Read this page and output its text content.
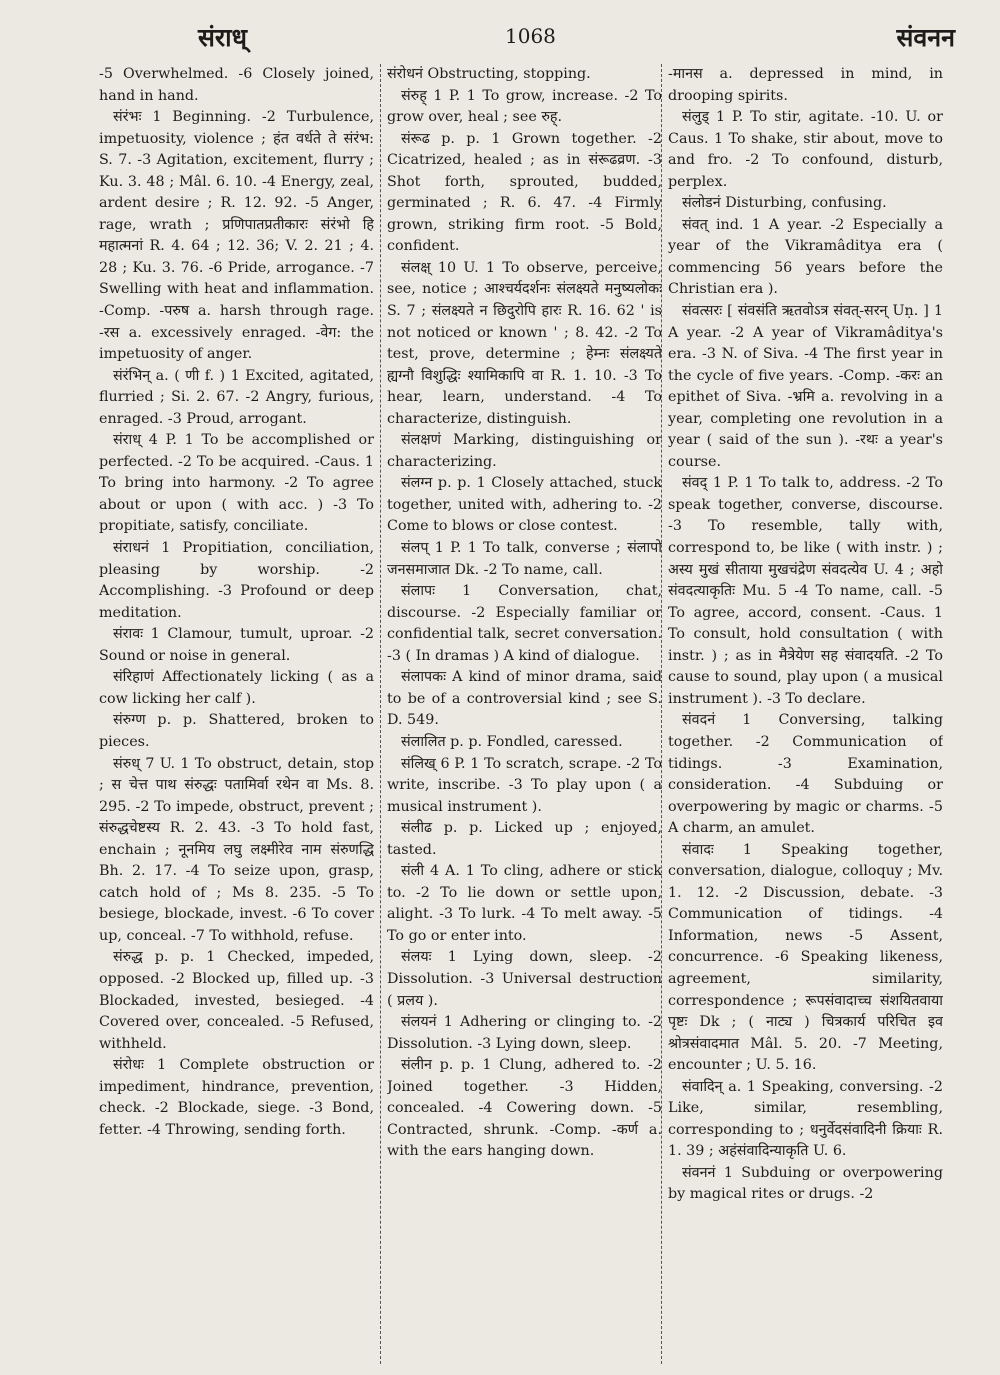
संराध्	1068	संवनन

-5 Overwhelmed. -6 Closely joined, hand in hand.

संरंभः 1 Beginning. -2 Turbulence, impetuosity, violence ; हंत वर्धते ते संरंभ: S. 7. -3 Agitation, excitement, flurry ; Ku. 3. 48 ; Mâl. 6. 10. -4 Energy, zeal, ardent desire ; R. 12. 92. -5 Anger, rage, wrath ; प्रणिपातप्रतीकारः संरंभो हि महात्मनां R. 4. 64 ; 12. 36; V. 2. 21 ; 4. 28 ; Ku. 3. 76. -6 Pride, arrogance. -7 Swelling with heat and inflammation. -Comp. -परुष a. harsh through rage. -रस a. excessively enraged. -वेग: the impetuosity of anger.

संरंभिन् a. ( णी f. ) 1 Excited, agitated, flurried ; Si. 2. 67. -2 Angry, furious, enraged. -3 Proud, arrogant.

संराध् 4 P. 1 To be accomplished or perfected. -2 To be acquired. -Caus. 1 To bring into harmony. -2 To agree about or upon ( with acc. ) -3 To propitiate, satisfy, conciliate.

संराधनं 1 Propitiation, conciliation, pleasing by worship. -2 Accomplishing. -3 Profound or deep meditation.

संरावः 1 Clamour, tumult, uproar. -2 Sound or noise in general.

संरिहाणं Affectionately licking ( as a cow licking her calf ).

संरुग्ण p. p. Shattered, broken to pieces.

संरुध् 7 U. 1 To obstruct, detain, stop ; स चेत्त पाथ संरुद्धः पतामिर्वा रथेन वा Ms. 8. 295. -2 To impede, obstruct, prevent ; संरुद्धचेष्टस्य R. 2. 43. -3 To hold fast, enchain ; नूनमिय लघु लक्ष्मीरेव नाम संरुणद्धि Bh. 2. 17. -4 To seize upon, grasp, catch hold of ; Ms 8. 235. -5 To besiege, blockade, invest. -6 To cover up, conceal. -7 To withhold, refuse.

संरुद्ध p. p. 1 Checked, impeded, opposed. -2 Blocked up, filled up. -3 Blockaded, invested, besieged. -4 Covered over, concealed. -5 Refused, withheld.

संरोधः 1 Complete obstruction or impediment, hindrance, prevention, check. -2 Blockade, siege. -3 Bond, fetter. -4 Throwing, sending forth.

संरोधनं Obstructing, stopping.

संरुह् 1 P. 1 To grow, increase. -2 To grow over, heal ; see रुह्.

संरूढ p. p. 1 Grown together. -2 Cicatrized, healed ; as in संरूढव्रण. -3 Shot forth, sprouted, budded, germinated ; R. 6. 47. -4 Firmly grown, striking firm root. -5 Bold, confident.

संलक्ष् 10 U. 1 To observe, perceive, see, notice ; आश्चर्यदर्शनः संलक्ष्यते मनुष्यलोकः S. 7 ; संलक्ष्यते न छिदुरोपि हारः R. 16. 62 ' is not noticed or known ' ; 8. 42. -2 To test, prove, determine ; हेम्नः संलक्ष्यते ह्यग्नौ विशुद्धिः श्यामिकापि वा R. 1. 10. -3 To hear, learn, understand. -4 To characterize, distinguish.

संलक्षणं Marking, distinguishing or characterizing.

संलग्न p. p. 1 Closely attached, stuck together, united with, adhering to. -2 Come to blows or close contest.

संलप् 1 P. 1 To talk, converse ; संलापो जनसमाजात Dk. -2 To name, call.

संलापः 1 Conversation, chat, discourse. -2 Especially familiar or confidential talk, secret conversation. -3 ( In dramas ) A kind of dialogue.

संलापकः A kind of minor drama, said to be of a controversial kind ; see S. D. 549.

संलालित p. p. Fondled, caressed.

संलिख् 6 P. 1 To scratch, scrape. -2 To write, inscribe. -3 To play upon ( a musical instrument ).

संलीढ p. p. Licked up ; enjoyed, tasted.

संली 4 A. 1 To cling, adhere or stick to. -2 To lie down or settle upon, alight. -3 To lurk. -4 To melt away. -5 To go or enter into.

संलयः 1 Lying down, sleep. -2 Dissolution. -3 Universal destruction ( प्रलय ).

संलयनं 1 Adhering or clinging to. -2 Dissolution. -3 Lying down, sleep.

संलीन p. p. 1 Clung, adhered to. -2 Joined together. -3 Hidden, concealed. -4 Cowering down. -5 Contracted, shrunk. -Comp. -कर्ण a. with the ears hanging down.

-मानस a. depressed in mind, in drooping spirits.

संलुड् 1 P. To stir, agitate. -10. U. or Caus. 1 To shake, stir about, move to and fro. -2 To confound, disturb, perplex.

संलोडनं Disturbing, confusing.

संवत् ind. 1 A year. -2 Especially a year of the Vikramâditya era ( commencing 56 years before the Christian era ).

संवत्सरः [ संवसंति ऋतवोऽत्र संवत्-सरन् Uṇ. ] 1 A year. -2 A year of Vikramâditya's era. -3 N. of Siva. -4 The first year in the cycle of five years. -Comp. -करः an epithet of Siva. -भ्रमि a. revolving in a year, completing one revolution in a year ( said of the sun ). -रथः a year's course.

संवद् 1 P. 1 To talk to, address. -2 To speak together, converse, discourse. -3 To resemble, tally with, correspond to, be like ( with instr. ) ; अस्य मुखं सीताया मुखचंद्रेण संवदत्येव U. 4 ; अहो संवदत्याकृतिः Mu. 5 -4 To name, call. -5 To agree, accord, consent. -Caus. 1 To consult, hold consultation ( with instr. ) ; as in मैत्रेयेण सह संवादयति. -2 To cause to sound, play upon ( a musical instrument ). -3 To declare.

संवदनं 1 Conversing, talking together. -2 Communication of tidings. -3 Examination, consideration. -4 Subduing or overpowering by magic or charms. -5 A charm, an amulet.

संवादः 1 Speaking together, conversation, dialogue, colloquy ; Mv. 1. 12. -2 Discussion, debate. -3 Communication of tidings. -4 Information, news -5 Assent, concurrence. -6 Speaking likeness, agreement, similarity, correspondence ; रूपसंवादाच्च संशयितवाया पृष्टः Dk ; ( नाट्य ) चित्रकार्य परिचित इव श्रोत्रसंवादमात Mâl. 5. 20. -7 Meeting, encounter ; U. 5. 16.

संवादिन् a. 1 Speaking, conversing. -2 Like, similar, resembling, corresponding to ; धनुर्वेदसंवादिनी क्रियाः R. 1. 39 ; अहंसंवादिन्याकृति U. 6.

संवननं 1 Subduing or overpowering by magical rites or drugs. -2
